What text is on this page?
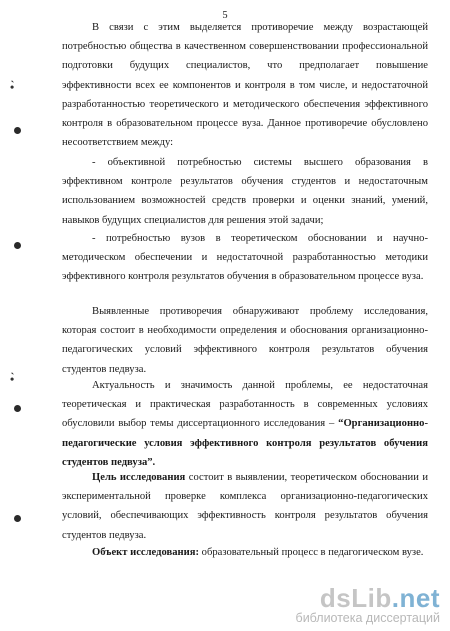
5
В связи с этим выделяется противоречие между возрастающей потребностью общества в качественном совершенствовании профессиональной подготовки будущих специалистов, что предполагает повышение эффективности всех ее компонентов и контроля в том числе, и недостаточной разработанностью теоретического и методического обеспечения эффективного контроля в образовательном процессе вуза. Данное противоречие обусловлено несоответствием между:
- объективной потребностью системы высшего образования в эффективном контроле результатов обучения студентов и недостаточным использованием возможностей средств проверки и оценки знаний, умений, навыков будущих специалистов для решения этой задачи;
- потребностью вузов в теоретическом обосновании и научно-методическом обеспечении и недостаточной разработанностью методики эффективного контроля результатов обучения в образовательном процессе вуза.
Выявленные противоречия обнаруживают проблему исследования, которая состоит в необходимости определения и обоснования организационно-педагогических условий эффективного контроля результатов обучения студентов педвуза.
Актуальность и значимость данной проблемы, ее недостаточная теоретическая и практическая разработанность в современных условиях обусловили выбор темы диссертационного исследования – “Организационно-педагогические условия эффективного контроля результатов обучения студентов педвуза”.
Цель исследования состоит в выявлении, теоретическом обосновании и экспериментальной проверке комплекса организационно-педагогических условий, обеспечивающих эффективность контроля результатов обучения студентов педвуза.
Объект исследования: образовательный процесс в педагогическом вузе.
•̀
•̀
dsLib.net
библиотека диссертаций
